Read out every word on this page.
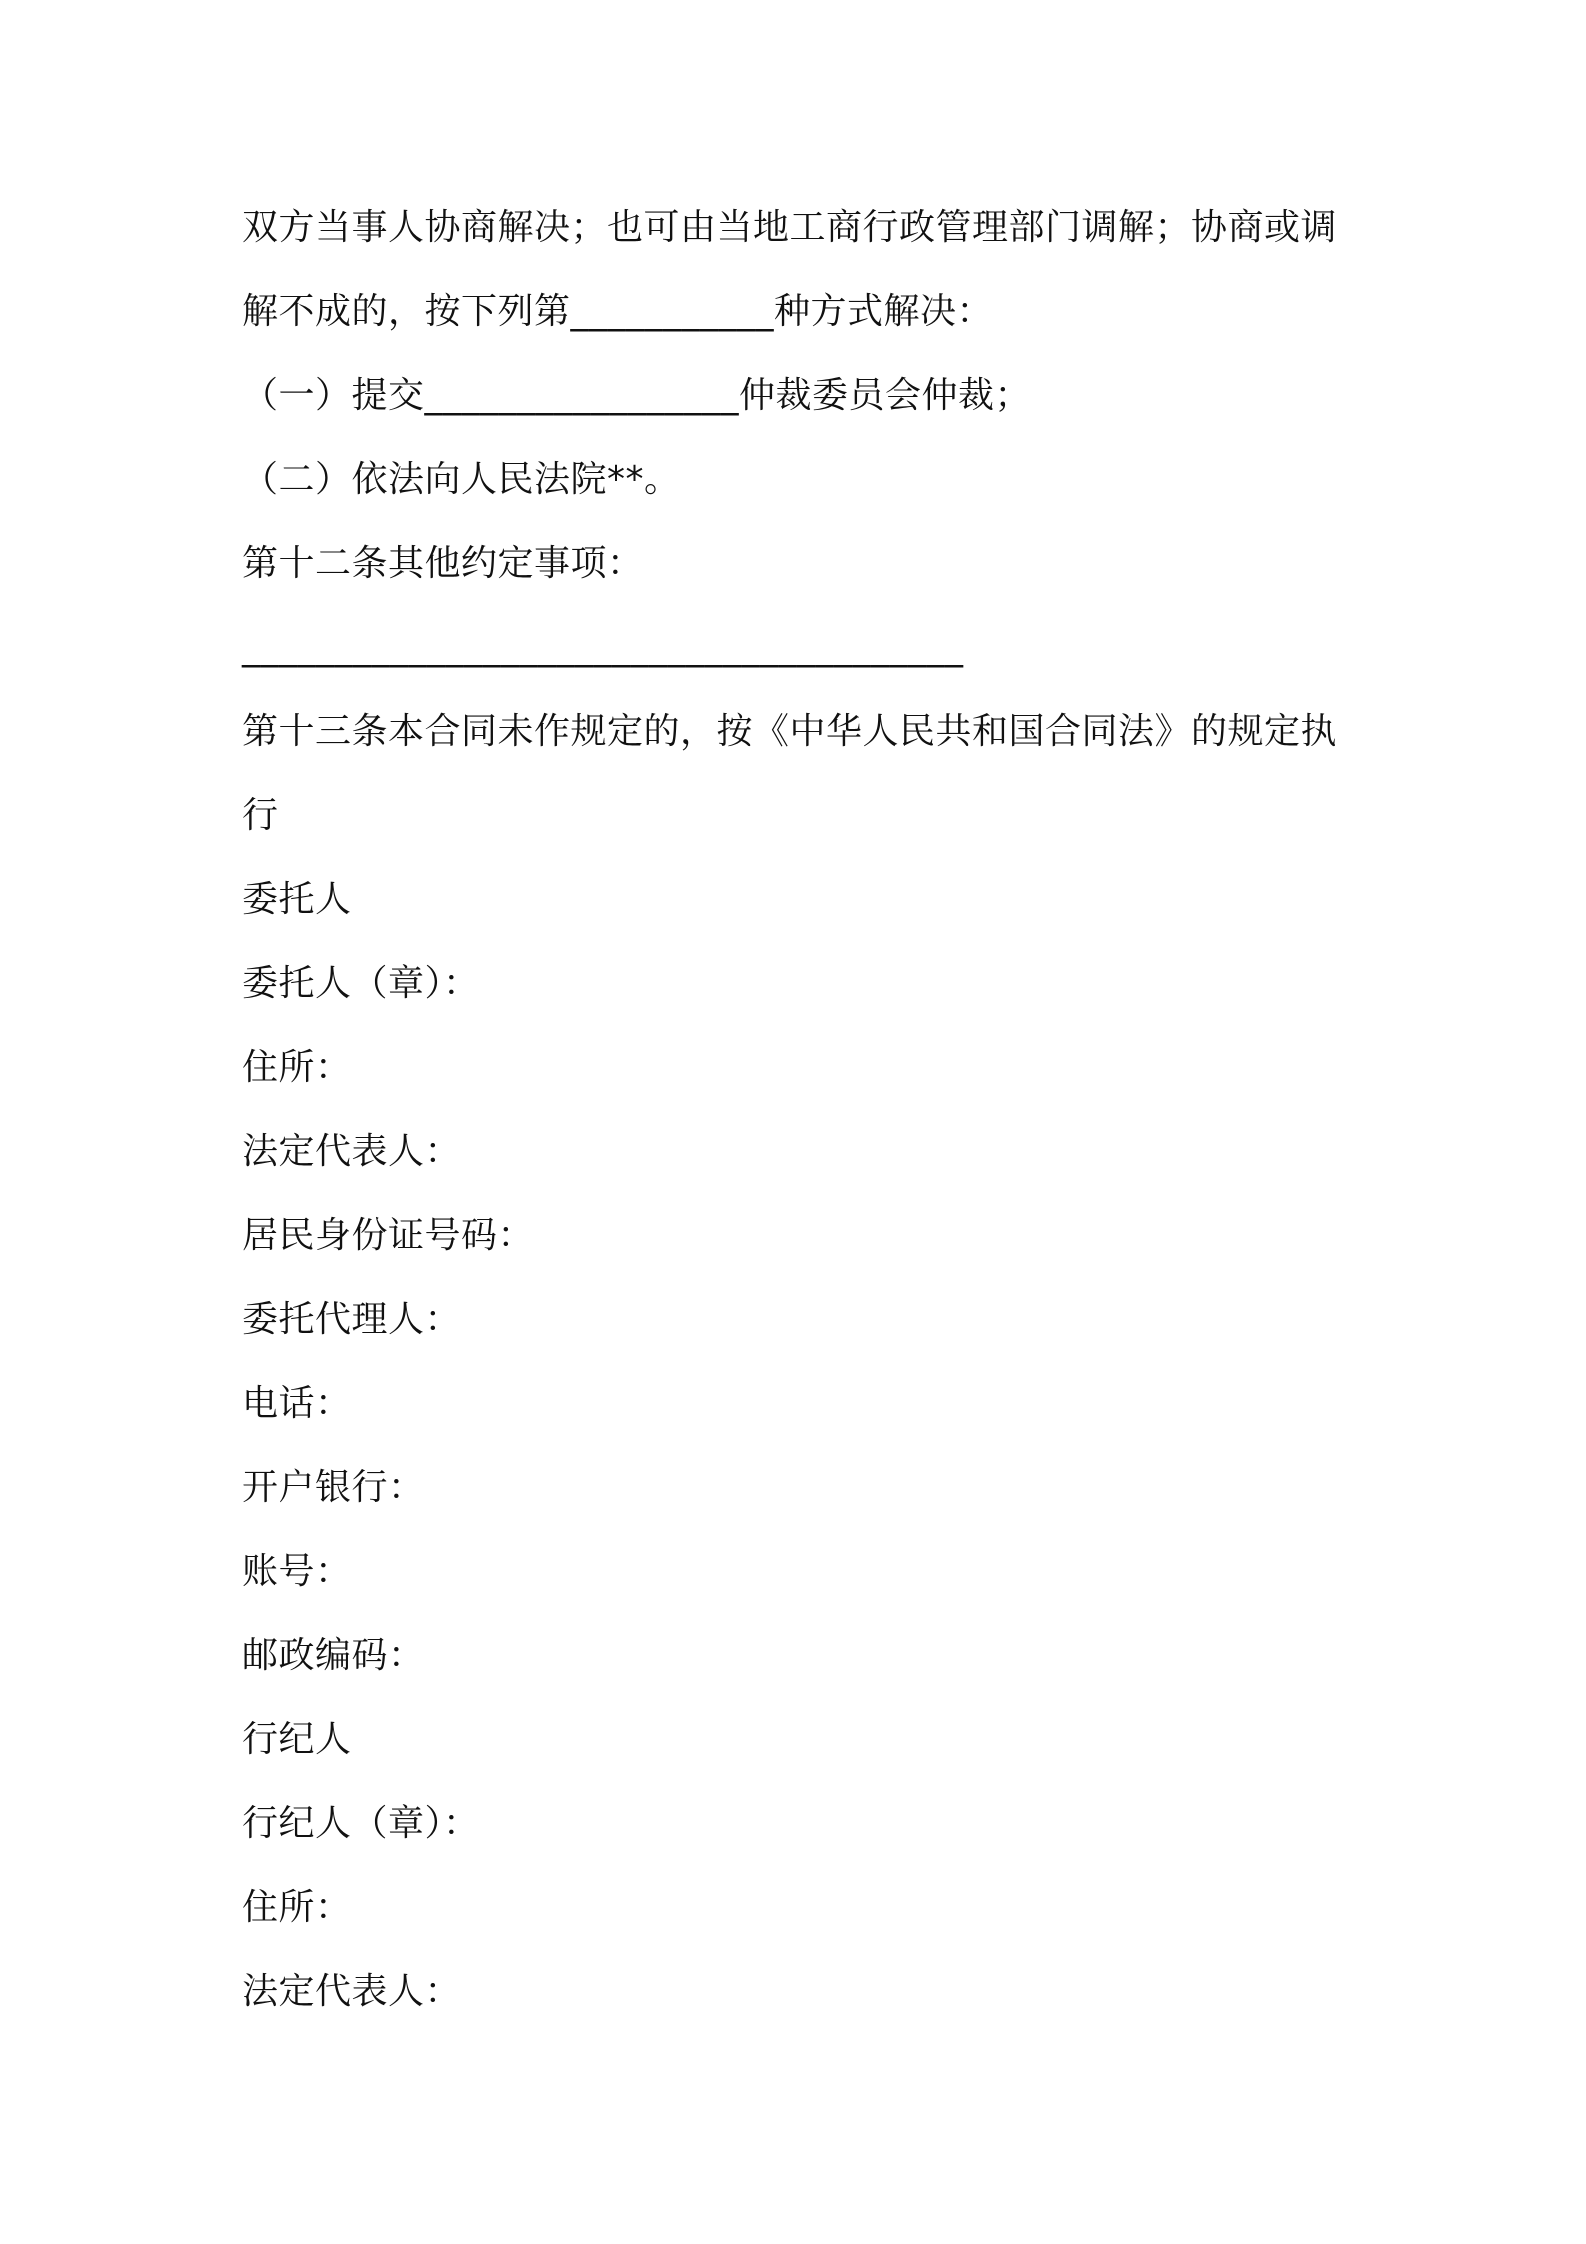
双方当事人协商解决；也可由当地工商行政管理部门调解；协商或调
解不成的，按下列第___________种方式解决：
（一）提交_________________仲裁委员会仲裁；
（二）依法向人民法院**。
第十二条其他约定事项：
_______________________________________
第十三条本合同未作规定的，按《中华人民共和国合同法》的规定执
行
委托人
委托人（章）：
住所：
法定代表人：
居民身份证号码：
委托代理人：
电话：
开户银行：
账号：
邮政编码：
行纪人
行纪人（章）：
住所：
法定代表人：
